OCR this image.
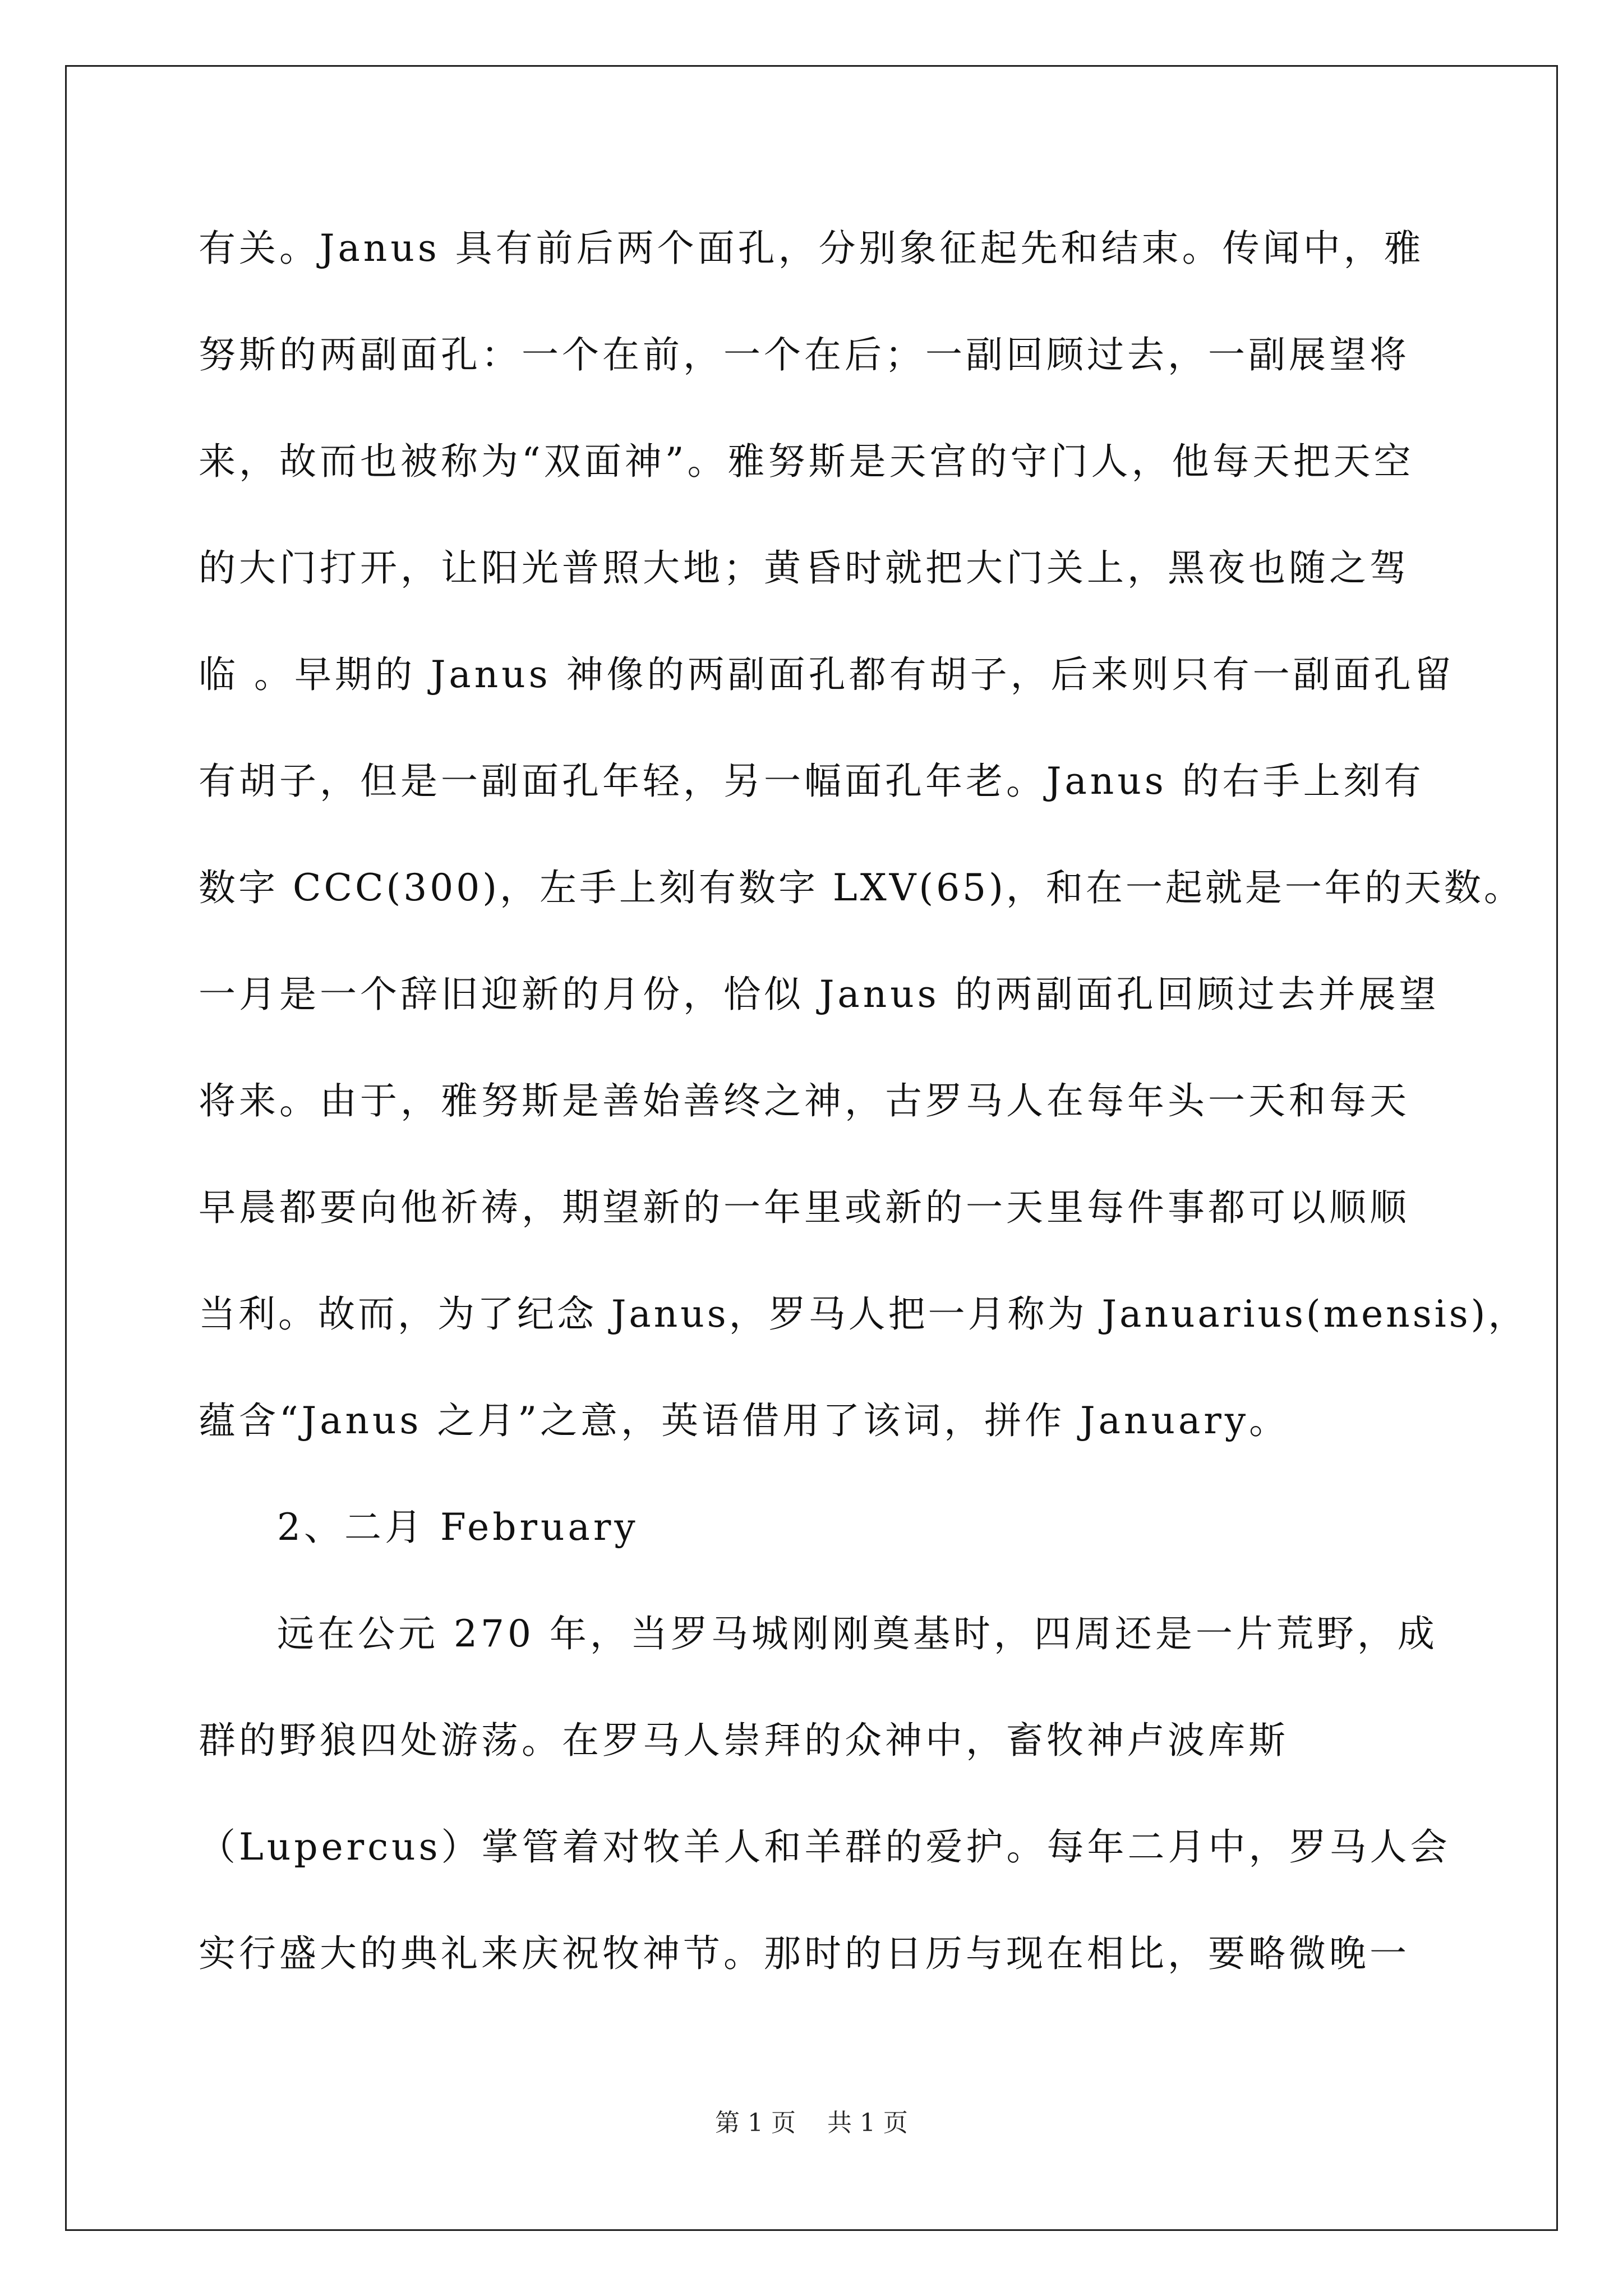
有关。Janus 具有前后两个面孔，分别象征起先和结束。传闻中，雅
努斯的两副面孔：一个在前，一个在后；一副回顾过去，一副展望将
来，故而也被称为“双面神”。雅努斯是天宫的守门人，他每天把天空
的大门打开，让阳光普照大地；黄昏时就把大门关上，黑夜也随之驾
临 。早期的 Janus 神像的两副面孔都有胡子，后来则只有一副面孔留
有胡子，但是一副面孔年轻，另一幅面孔年老。Janus 的右手上刻有
数字 CCC(300)，左手上刻有数字 LXV(65)，和在一起就是一年的天数。
一月是一个辞旧迎新的月份，恰似 Janus 的两副面孔回顾过去并展望
将来。由于，雅努斯是善始善终之神，古罗马人在每年头一天和每天
早晨都要向他祈祷，期望新的一年里或新的一天里每件事都可以顺顺
当利。故而，为了纪念 Janus，罗马人把一月称为 Januarius(mensis)，
蕴含“Janus 之月”之意，英语借用了该词，拼作 January。
2、二月 February
远在公元 270 年，当罗马城刚刚奠基时，四周还是一片荒野，成
群的野狼四处游荡。在罗马人崇拜的众神中，畜牧神卢波库斯
（Lupercus）掌管着对牧羊人和羊群的爱护。每年二月中，罗马人会
实行盛大的典礼来庆祝牧神节。那时的日历与现在相比，要略微晚一
第 1 页    共 1 页
